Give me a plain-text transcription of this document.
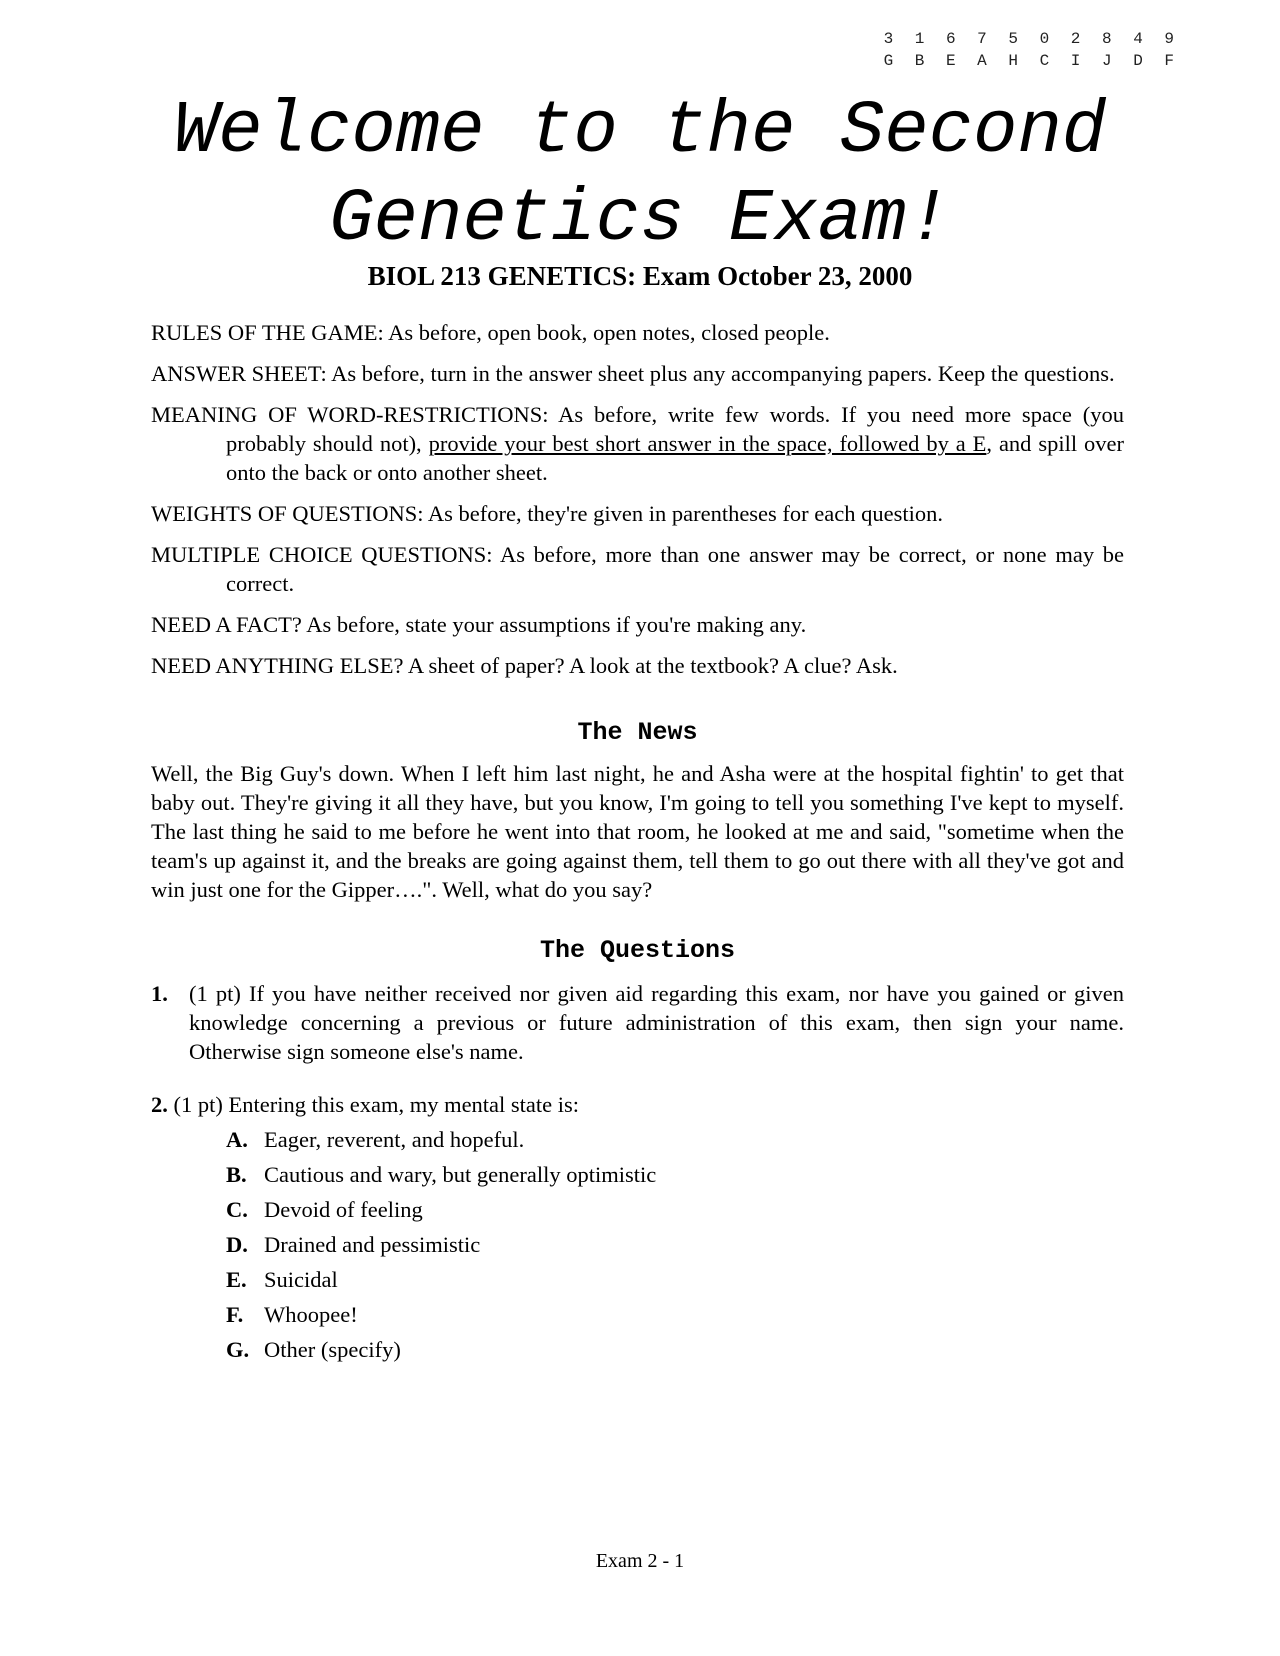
3 1 6 7 5 0 2 8 4 9
G B E A H C I J D F
Welcome to the Second
Genetics Exam!
BIOL 213 GENETICS: Exam October 23, 2000

RULES OF THE GAME: As before, open book, open notes, closed people.

ANSWER SHEET: As before, turn in the answer sheet plus any accompanying papers. Keep the questions.

MEANING OF WORD-RESTRICTIONS: As before, write few words. If you need more space (you probably should not), provide your best short answer in the space, followed by a E, and spill over onto the back or onto another sheet.

WEIGHTS OF QUESTIONS: As before, they're given in parentheses for each question.

MULTIPLE CHOICE QUESTIONS: As before, more than one answer may be correct, or none may be correct.

NEED A FACT? As before, state your assumptions if you're making any.

NEED ANYTHING ELSE? A sheet of paper? A look at the textbook? A clue? Ask.

The News

Well, the Big Guy's down. When I left him last night, he and Asha were at the hospital fightin' to get that baby out. They're giving it all they have, but you know, I'm going to tell you something I've kept to myself. The last thing he said to me before he went into that room, he looked at me and said, "sometime when the team's up against it, and the breaks are going against them, tell them to go out there with all they've got and win just one for the Gipper….". Well, what do you say?

The Questions
1. (1 pt) If you have neither received nor given aid regarding this exam, nor have you gained or given knowledge concerning a previous or future administration of this exam, then sign your name. Otherwise sign someone else's name.
2. (1 pt) Entering this exam, my mental state is:
A. Eager, reverent, and hopeful.
B. Cautious and wary, but generally optimistic
C. Devoid of feeling
D. Drained and pessimistic
E. Suicidal
F. Whoopee!
G. Other (specify)
Exam 2 - 1
